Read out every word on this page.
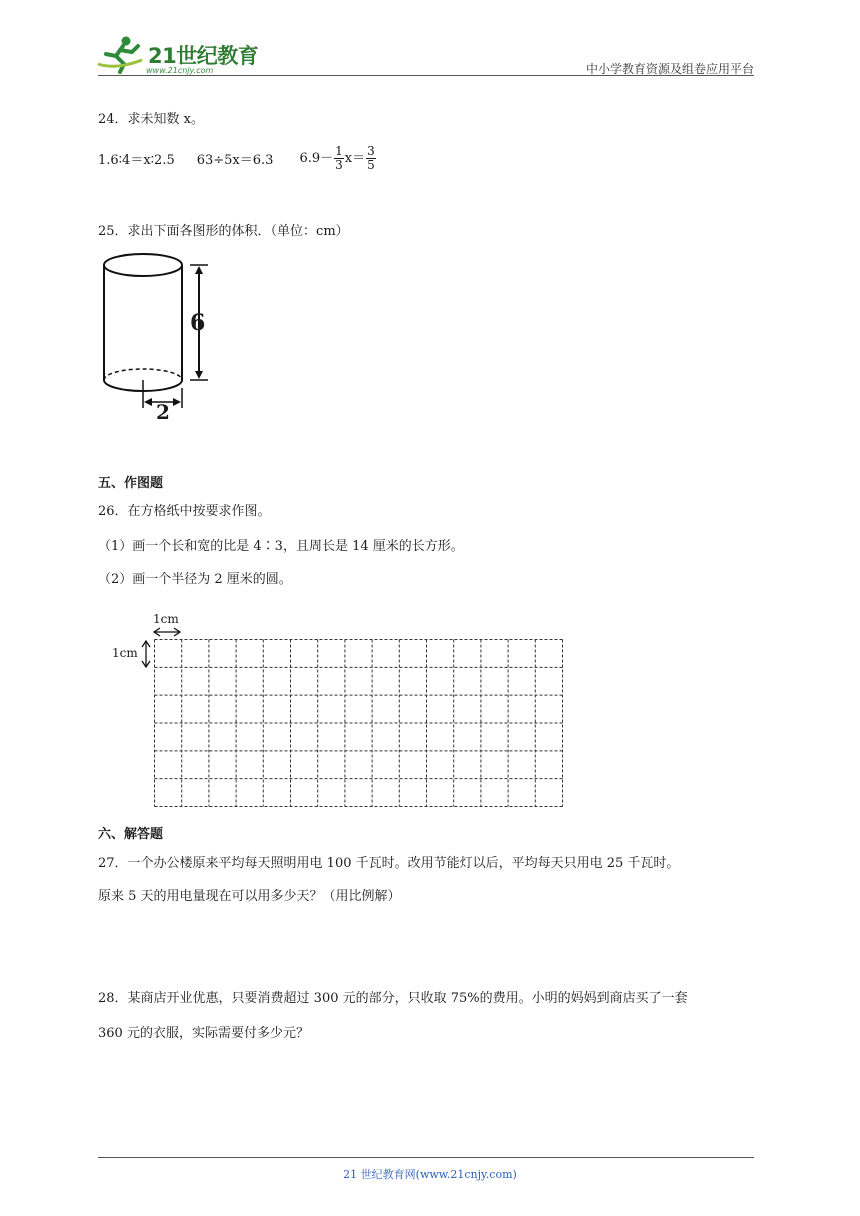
21世纪教育
www.21cnjy.com	中小学教育资源及组卷应用平台
24．求未知数 x。
1.6∶4＝x∶2.5 63÷5x＝6.3 $6.9- \frac{1}{3} x= \frac{3}{5}$
25．求出下面各图形的体积．（单位：cm）
6
2
五、作图题
26．在方格纸中按要求作图。
（1）画一个长和宽的比是 4∶3，且周长是 14 厘米的长方形。
（2）画一个半径为 2 厘米的圆。
1cm
1cm
六、解答题
27．一个办公楼原来平均每天照明用电 100 千瓦时。改用节能灯以后，平均每天只用电 25 千瓦时。
原来 5 天的用电量现在可以用多少天？（用比例解）
28．某商店开业优惠，只要消费超过 300 元的部分，只收取 75%的费用。小明的妈妈到商店买了一套
360 元的衣服，实际需要付多少元？
21 世纪教育网(www.21cnjy.com)
